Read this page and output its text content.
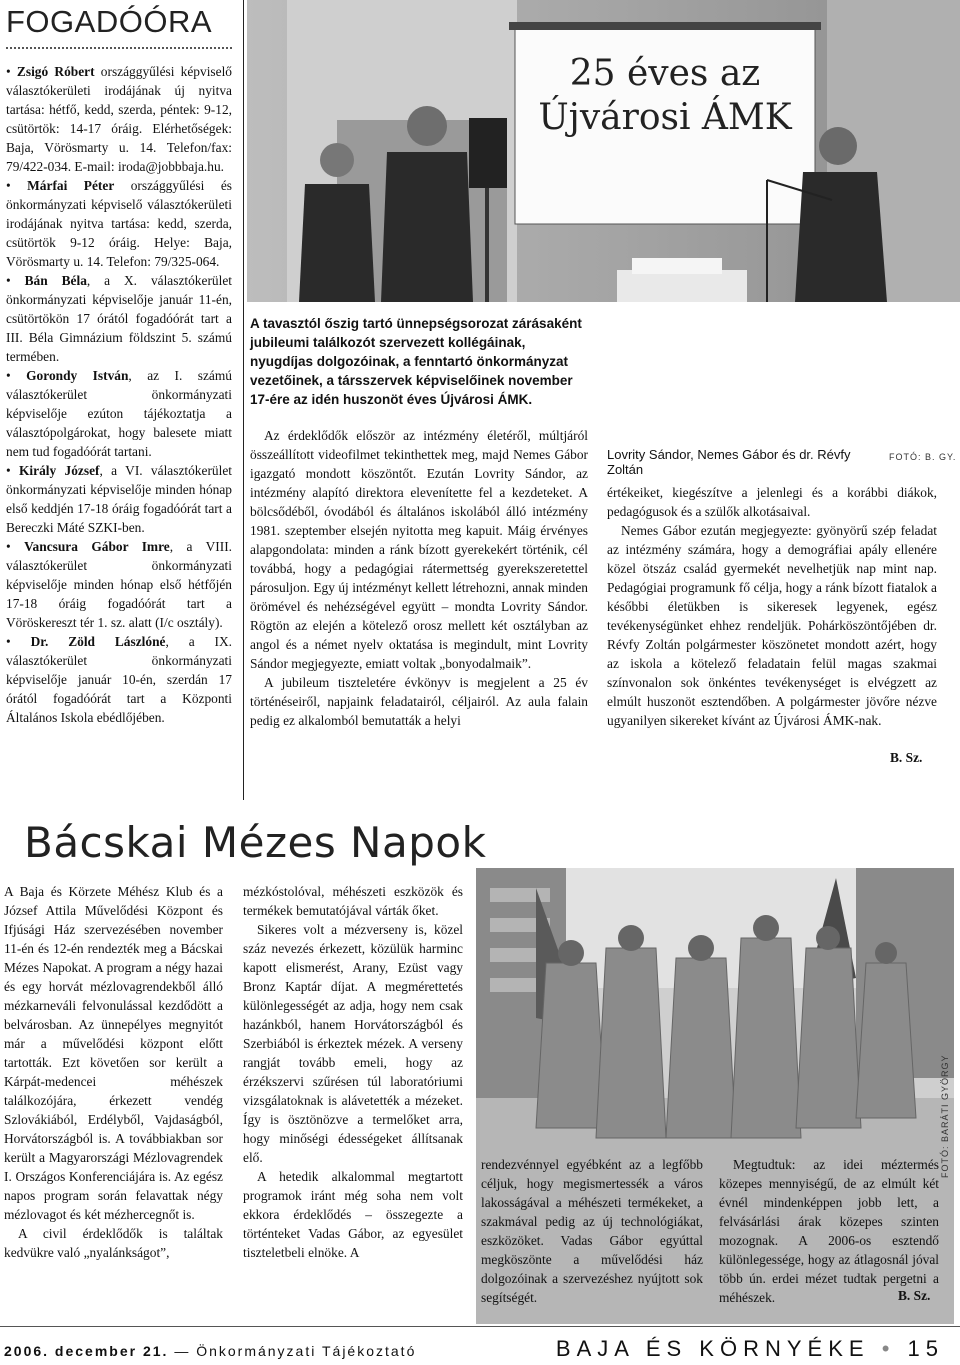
FOGADÓÓRA

• Zsigó Róbert országgyűlési képviselő választókerületi irodájának új nyitva tartása: hétfő, kedd, szerda, péntek: 9-12, csütörtök: 14-17 óráig. Elérhetőségek: Baja, Vörösmarty u. 14. Telefon/fax: 79/422-034. E-mail: iroda@jobbbaja.hu.

• Márfai Péter országgyűlési és önkormányzati képviselő választókerületi irodájának nyitva tartása: kedd, szerda, csütörtök 9-12 óráig. Helye: Baja, Vörösmarty u. 14. Telefon: 79/325-064.

• Bán Béla, a X. választókerület önkormányzati képviselője január 11-én, csütörtökön 17 órától fogadóórát tart a III. Béla Gimnázium földszint 5. számú termében.

• Gorondy István, az I. számú választókerület önkormányzati képviselője ezúton tájékoztatja a választópolgárokat, hogy balesete miatt nem tud fogadóórát tartani.

• Király József, a VI. választókerület önkormányzati képviselője minden hónap első keddjén 17-18 óráig fogadóórát tart a Bereczki Máté SZKI-ben.

• Vancsura Gábor Imre, a VIII. választókerület önkormányzati képviselője minden hónap első hétfőjén 17-18 óráig fogadóórát tart a Vöröskereszt tér 1. sz. alatt (I/c osztály).

• Dr. Zöld Lászlóné, a IX. választókerület önkormányzati képviselője január 10-én, szerdán 17 órától fogadóórát tart a Központi Általános Iskola ebédlőjében.

25 éves az Újvárosi ÁMK
A tavasztól őszig tartó ünnepségsorozat zárásaként jubileumi találkozót szervezett kollégáinak, nyugdíjas dolgozóinak, a fenntartó önkormányzat vezetőinek, a társszervek képviselőinek november 17-ére az idén huszonöt éves Újvárosi ÁMK.

Az érdeklődők először az intézmény életéről, múltjáról összeállított videofilmet tekinthettek meg, majd Nemes Gábor igazgató mondott köszöntőt. Ezután Lovrity Sándor, az intézmény alapító direktora elevenítette fel a kezdeteket. A bölcsődéből, óvodából és általános iskolából álló intézmény 1981. szeptember elsején nyitotta meg kapuit. Máig érvényes alapgondolata: minden a ránk bízott gyerekekért történik, cél továbbá, hogy a pedagógiai rátermettség gyerekszeretettel párosuljon. Egy új intézményt kellett létrehozni, annak minden örömével és nehézségével együtt – mondta Lovrity Sándor. Rögtön az elején a kötelező orosz mellett két osztályban az angol és a német nyelv oktatása is megindult, mint Lovrity Sándor megjegyezte, emiatt voltak „bonyodalmaik”.

A jubileum tiszteletére évkönyv is megjelent a 25 év történéseiről, napjaink feladatairól, céljairól. Az aula falain pedig ez alkalomból bemutatták a helyi

Lovrity Sándor, Nemes Gábor és dr. Révfy Zoltán
FOTÓ: B. GY.

értékeiket, kiegészítve a jelenlegi és a korábbi diákok, pedagógusok és a szülők alkotásaival.

Nemes Gábor ezután megjegyezte: gyönyörű szép feladat az intézmény számára, hogy a demográfiai apály ellenére közel ötszáz család gyermekét nevelhetjük nap mint nap. Pedagógiai programunk fő célja, hogy a ránk bízott fiatalok a későbbi életükben is sikeresek legyenek, egész tevékenységünket ehhez rendeljük. Pohárköszöntőjében dr. Révfy Zoltán polgármester köszönetet mondott azért, hogy az iskola a kötelező feladatain felül magas szakmai színvonalon sok önkéntes tevékenységet is elvégzett az elmúlt huszonöt esztendőben. A polgármester jövőre nézve ugyanilyen sikereket kívánt az Újvárosi ÁMK-nak.

B. Sz.
Bácskai Mézes Napok

A Baja és Körzete Méhész Klub és a József Attila Művelődési Központ és Ifjúsági Ház szervezésében november 11-én és 12-én rendezték meg a Bácskai Mézes Napokat. A program a négy hazai és egy horvát mézlovagrendekből álló mézkarneváli felvonulással kezdődött a belvárosban. Az ünnepélyes megnyitót már a művelődési központ előtt tartották. Ezt követően sor került a Kárpát-medencei méhészek találkozójára, érkezett vendég Szlovákiából, Erdélyből, Vajdaságból, Horvátországból is. A továbbiakban sor került a Magyarországi Mézlovagrendek I. Országos Konferenciájára is. Az egész napos program során felavattak négy mézlovagot és két mézhercegnőt is.

A civil érdeklődők is találtak kedvükre való „nyalánkságot”,

mézkóstolóval, méhészeti eszközök és termékek bemutatójával várták őket.

Sikeres volt a mézverseny is, közel száz nevezés érkezett, közülük harminc kapott elismerést, Arany, Ezüst vagy Bronz Kaptár díjat. A megmérettetés különlegességét az adja, hogy nem csak hazánkból, hanem Horvátországból és Szerbiából is érkeztek mézek. A verseny rangját tovább emeli, hogy az érzékszervi szűrésen túl laboratóriumi vizsgálatoknak is alávetették a mézeket. Így is ösztönözve a termelőket arra, hogy minőségi édességeket állítsanak elő.

A hetedik alkalommal megtartott programok iránt még soha nem volt ekkora érdeklődés – összegezte a történteket Vadas Gábor, az egyesület tiszteletbeli elnöke. A

FOTÓ: BARÁTI GYÖRGY

rendezvénnyel egyébként az a legfőbb céljuk, hogy megismertessék a város lakosságával a méhészeti termékeket, a szakmával pedig az új technológiákat, eszközöket. Vadas Gábor egyúttal megköszönte a művelődési ház dolgozóinak a szervezéshez nyújtott sok segítségét.

Megtudtuk: az idei méztermés közepes mennyiségű, de az elmúlt két évnél mindenképpen jobb lett, a felvásárlási árak közepes szinten mozognak. A 2006-os esztendő különlegessége, hogy az átlagosnál jóval több ún. erdei mézet tudtak pergetni a méhészek.	B. Sz.
2006. december 21. — Önkormányzati Tájékoztató	BAJA ÉS KÖRNYÉKE • 15
